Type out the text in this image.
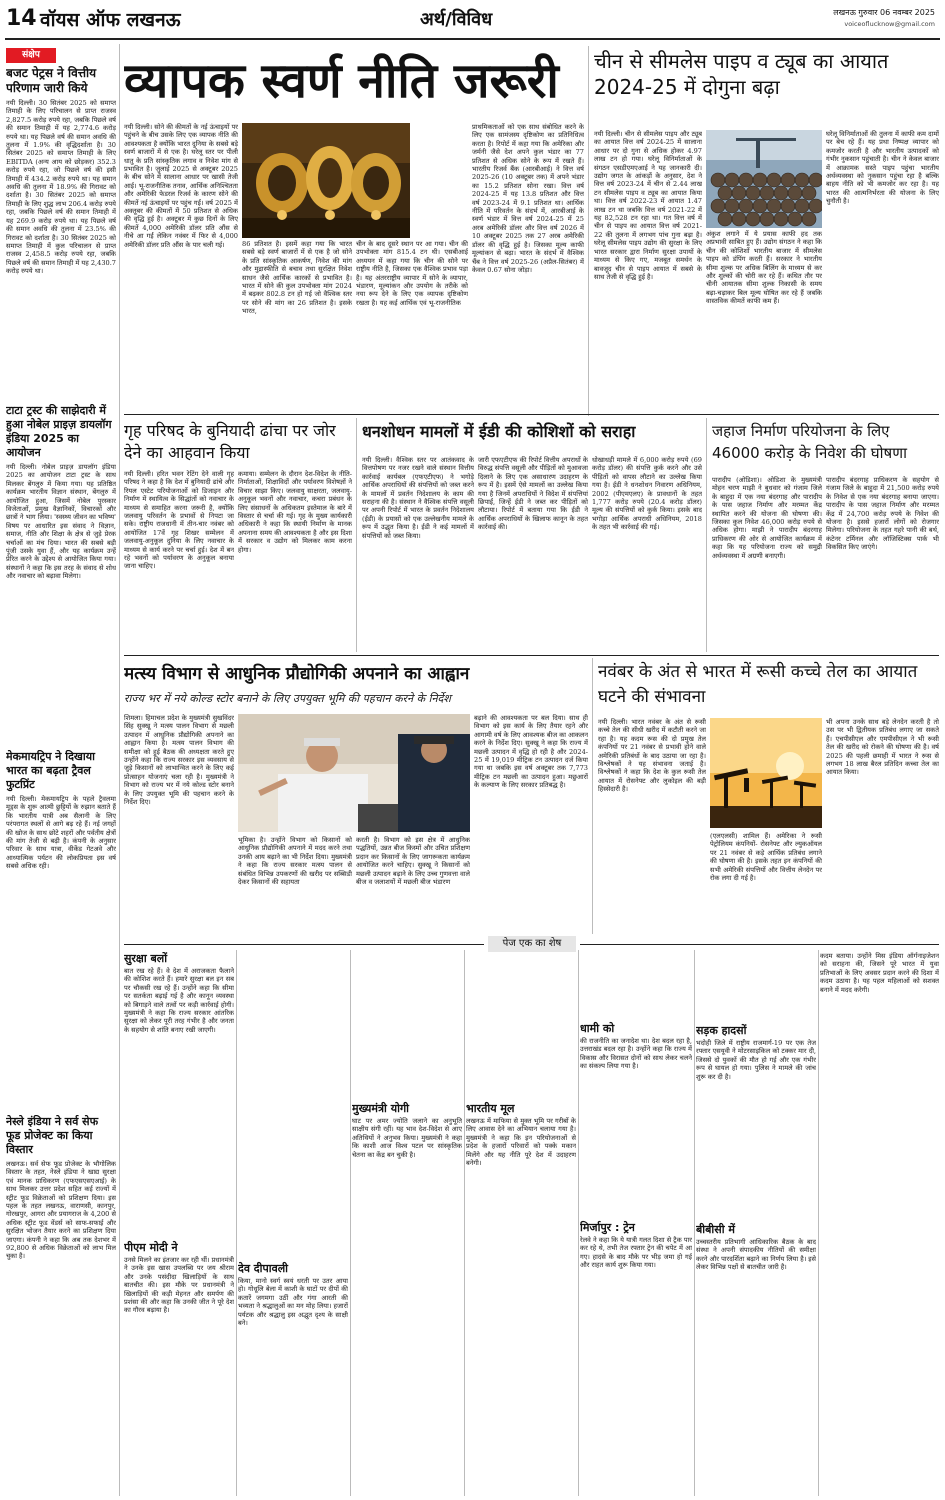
14 वॉयस ऑफ लखनऊ	अर्थ/विविध	लखनऊ गुरुवार 06 नवम्बर 2025
voiceoflucknow@gmail.com
संक्षेप
बजट पेट्रस ने वित्तीय परिणाम जारी किये
नयी दिल्ली। 30 सितंबर 2025 को समाप्त तिमाही के लिए परिचालन से प्राप्त राजस्व 2,827.5 करोड़ रुपये रहा, जबकि पिछले वर्ष की समान तिमाही में यह 2,774.6 करोड़ रुपये था। यह पिछले वर्ष की समान अवधि की तुलना में 1.9% की वृद्धिदर्शाता है। 30 सितंबर 2025 को समाप्त तिमाही के लिए EBITDA (अन्य आय को छोड़कर) 352.3 करोड़ रुपये रहा, जो पिछले वर्ष की इसी तिमाही में 434.2 करोड़ रुपये था। यह समान अवधि की तुलना में 18.9% की गिरावट को दर्शाता है। 30 सितंबर 2025 को समाप्त तिमाही के लिए शुद्ध लाभ 206.4 करोड़ रुपये रहा, जबकि पिछले वर्ष की समान तिमाही में यह 269.9 करोड़ रुपये था। यह पिछले वर्ष की समान अवधि की तुलना में 23.5% की गिरावट को दर्शाता है। 30 सितंबर 2025 को समाप्त तिमाही में कुल परिचालन से प्राप्त राजस्व 2,458.5 करोड़ रुपये रहा, जबकि पिछले वर्ष की समान तिमाही में यह 2,430.7 करोड़ रुपये था।
टाटा ट्रस्ट की साझेदारी में हुआ नोबेल प्राइज़ डायलॉग इंडिया 2025 का आयोजन
नयी दिल्ली। नोबेल प्राइज़ डायलॉग इंडिया 2025 का आयोजन टाटा ट्रस्ट के साथ मिलकर बेंगलुरु में किया गया। यह प्रतिष्ठित कार्यक्रम भारतीय विज्ञान संस्थान, बेंगलुरु में आयोजित हुआ, जिसमें नोबेल पुरस्कार विजेताओं, प्रमुख वैज्ञानिकों, विचारकों और छात्रों ने भाग लिया। 'स्वस्थ्य जीवन का भविष्य' विषय पर आधारित इस संवाद ने विज्ञान, समाज, नीति और शिक्षा के क्षेत्र से जुड़े प्रेरक चर्चाओं का मंच दिया। भारत की सबसे बड़ी पूंजी उसके युवा हैं, और यह कार्यक्रम उन्हें प्रेरित करने के उद्देश्य से आयोजित किया गया। संस्थानों ने कहा कि इस तरह के संवाद से शोध और नवाचार को बढ़ावा मिलेगा।
मेकमायट्रिप ने दिखाया भारत का बढ़ता ट्रैवल फुटप्रिंट
नयी दिल्ली। मेकमायट्रिप के पहले ट्रैवलमा मूड्स के शुरू आत्मी छुट्टियों के रुझान बताते हैं कि भारतीय यात्री अब सैलानी के लिए परंपरागत स्थलों से आगे बढ़ रहे हैं। नई जगहों की खोज के साथ छोटे शहरों और पर्वतीय क्षेत्रों की मांग तेजी से बढ़ी है। कंपनी के अनुसार परिवार के साथ यात्रा, वीकेंड गेटअवे और आध्यात्मिक पर्यटन की लोकप्रियता इस वर्ष सबसे अधिक रही।
नेस्ले इंडिया ने सर्व सेफ फूड प्रोजेक्ट का किया विस्तार
लखनऊ। सर्व सेफ फूड प्रोजेक्ट के भौगोलिक विस्तार के तहत, नेस्ले इंडिया ने खाद्य सुरक्षा एवं मानक प्राधिकरण (एफएसएसएआई) के साथ मिलकर उत्तर प्रदेश सहित कई राज्यों में स्ट्रीट फूड विक्रेताओं को प्रशिक्षण दिया। इस पहल के तहत लखनऊ, वाराणसी, कानपुर, गोरखपुर, आगरा और प्रयागराज के 4,200 से अधिक स्ट्रीट फूड वेंडर्स को साफ-सफाई और सुरक्षित भोजन तैयार करने का प्रशिक्षण दिया जाएगा। कंपनी ने कहा कि अब तक देशभर में 92,800 से अधिक विक्रेताओं को लाभ मिल चुका है।
व्यापक स्वर्ण नीति जरूरी
नयी दिल्ली। सोने की कीमतों के नई ऊंचाइयों पर पहुंचने के बीच उसके लिए एक व्यापक नीति की आवश्यकता है क्योंकि भारत दुनिया के सबसे बड़े स्वर्ण बाजारों में से एक है। घरेलू स्तर पर पीली धातु के प्रति सांस्कृतिक लगाव व निवेश मांग से प्रभावित है। जुलाई 2025 से अक्टूबर 2025 के बीच सोने में सालाना आधार पर खासी तेजी आई। भू-राजनीतिक तनाव, आर्थिक अनिश्चितता और अमेरिकी फेडरल रिजर्व के कारण सोने की कीमतें नई ऊंचाइयों पर पहुंच गईं। वर्ष 2025 में अक्तूबर की कीमतों में 50 प्रतिशत से अधिक की वृद्धि हुई है। अक्टूबर में कुछ दिनों के लिए कीमतें 4,000 अमेरिकी डॉलर प्रति औंस से नीचे आ गईं लेकिन नवंबर में फिर से 4,000 अमेरिकी डॉलर प्रति औंस के पार चली गई।	86 प्रतिशत है। इसमें कहा गया कि भारत सबसे बड़े स्वर्ण बाजारों में से एक है जो सोने के प्रति सांस्कृतिक आकर्षण, निवेश की मांग और मुद्रास्फीति से बचाव तथा सुरक्षित निवेश साधन जैसे आर्थिक कारकों से प्रभावित है। भारत में सोने की कुल उपभोक्ता मांग 2024 में बढ़कर 802.8 टन हो गई जो वैश्विक स्तर पर सोने की मांग का 26 प्रतिशत है। इसके भारत,
चीन के बाद दूसरे स्थान पर आ गया। चीन की उपभोक्ता मांग 815.4 टन थी। एसबीआई अध्ययन में कहा गया कि चीन की सोने पर राष्ट्रीय नीति है, जिसका एक वैश्विक प्रभाव पड़ा है। यह अंतरराष्ट्रीय व्यापार में सोने के व्यापार, भंडारण, मूल्यांकन और उपयोग के तरीके को नया रूप देने के लिए एक व्यापक दृष्टिकोण रखता है। यह कई आर्थिक एवं भू-राजनीतिक
प्राथमिकताओं को एक साथ संबोधित करने के लिए एक सामंजस्य दृष्टिकोण का प्रतिनिधित्व करता है। रिपोर्ट में कहा गया कि अमेरिका और जर्मनी जैसे देश अपने कुल भंडार का 77 प्रतिशत से अधिक सोने के रूप में रखते हैं। भारतीय रिजर्व बैंक (आरबीआई) ने वित्त वर्ष 2025-26 (10 अक्टूबर तक) में अपने भंडार का 15.2 प्रतिशत सोना रखा। वित्त वर्ष 2024-25 में यह 13.8 प्रतिशत और वित्त वर्ष 2023-24 में 9.1 प्रतिशत था। आर्थिक नीति में परिवर्तन के संदर्भ में, आरबीआई के स्वर्ण भंडार में वित्त वर्ष 2024-25 में 25 अरब अमेरिकी डॉलर और वित्त वर्ष 2026 में 10 अक्टूबर 2025 तक 27 अरब अमेरिकी डॉलर की वृद्धि हुई है। जिसका मूल्य काफी मूल्यांकन से बढ़ा। भारत के संदर्भ में वैश्विक चैंब ने वित्त वर्ष 2025-26 (अप्रैल-सितंबर) में केवल 0.67 सोना जोड़ा।
चीन से सीमलेस पाइप व ट्यूब का आयात 2024-25 में दोगुना बढ़ा
नयी दिल्ली। चीन से सीमलेस पाइप और ट्यूब का आयात वित्त वर्ष 2024-25 में सालाना आधार पर दो गुना से अधिक होकर 4.97 लाख टन हो गया। घरेलू विनिर्माताओं के संगठन एसडीएमएआई ने यह जानकारी दी। उद्योग जगत के आंकड़ों के अनुसार, देश ने वित्त वर्ष 2023-24 में चीन से 2.44 लाख टन सीमलेस पाइप व ट्यूब का आयात किया था। वित्त वर्ष 2022-23 में आयात 1.47 लाख टन था जबकि वित्त वर्ष 2021-22 में यह 82,528 टन रहा था। गत वित्त वर्ष में चीन से पाइप का आयात वित्त वर्ष 2021-22 की तुलना में लगभग पांच गुना बढ़ा है। घरेलू सीमलेस पाइप उद्योग की सुरक्षा के लिए भारत सरकार द्वारा निर्माण सुरक्षा उपायों के माध्यम से किए गए, मजबूत समर्थन के बावजूद चीन से पाइप आयात में सबसे के साथ तेजी से वृद्धि हुई है।
अंकुश लगाने में ये प्रयास काफी हद तक अप्रभावी साबित हुए हैं। उद्योग संगठन ने कहा कि चीन की कोशिशों भारतीय बाजार में सीमलेस पाइप को डंपिंग करती हैं। सरकार ने भारतीय सीमा शुल्क पर अधिक बिलिंग के माध्यम से कर और शुल्कों की चोरी कर रहे हैं। कथित तौर पर चीनी आयातक सीमा शुल्क निकासी के समय बढ़ा-चढ़ाकर बिल मूल्य घोषित कर रहे हैं जबकि वास्तविक कीमतें काफी कम हैं।
घरेलू विनिर्माताओं की तुलना में काफी कम दामों पर बेच रहे हैं। यह प्रथा निष्पक्ष व्यापार को कमजोर करती है और भारतीय उत्पादकों को गंभीर नुकसान पहुंचाती है। चीन ने केवल बाजार में आक्रामक सस्ते पाइप पहुंचा भारतीय अर्थव्यवस्था को नुकसान पहुंचा रहा है बल्कि बाहय नीति को भी कमजोर कर रहा है। यह भारत की आत्मनिर्भरता की योजना के लिए चुनौती है।
गृह परिषद के बुनियादी ढांचा पर जोर देने का आहवान किया
नयी दिल्ली। हरित भवन रेटिंग देने वाली गृह परिषद ने कहा है कि देश में बुनियादी ढांचे और रियल एस्टेट परियोजनाओं को डिजाइन और निर्माण में स्थायित्व के सिद्धांतों को नवाचार के माध्यम से समाहित करना जरूरी है, क्योंकि जलवायु परिवर्तन के प्रभावों से निपटा जा सके। राष्ट्रीय राजधानी में तीन-चार नवंबर को आयोजित 17वें गृह शिखर सम्मेलन में जलवायु-अनुकूल दुनिया के लिए नवाचार के माध्यम से कार्य करने पर चर्चा हुई। देश में बन रहे भवनों को पर्यावरण के अनुकूल बनाया जाना चाहिए।
कमाया। सम्मेलन के दौरान देश-विदेश के नीति-निर्माताओं, शिक्षाविदों और पर्यावरण विशेषज्ञों ने विचार साझा किए। जलवायु साक्षरता, जलवायु-अनुकूल भवनों और नवाचार, कचरा प्रबंधन के लिए संसाधनों के अधिकतम इस्तेमाल के बारे में विस्तार से चर्चा की गई। गृह के मुख्य कार्यकारी अधिकारी ने कहा कि स्थायी निर्माण के मानक अपनाना समय की आवश्यकता है और इस दिशा में सरकार व उद्योग को मिलकर काम करना होगा।
धनशोधन मामलों में ईडी की कोशिशों को सराहा
नयी दिल्ली। वैश्विक स्तर पर आतंकवाद के वित्तपोषण पर नजर रखने वाले संस्थान वित्तीय कार्रवाई कार्यबल (एफएटीएफ) ने भगोड़े आर्थिक अपराधियों की संपत्तियों को जब्त करने के मामलों में प्रवर्तन निदेशालय के काम की सराहना की है। संस्थान ने वैश्विक संपत्ति वसूली पर अपनी रिपोर्ट में भारत के प्रवर्तन निदेशालय (ईडी) के प्रयासों को एक उल्लेखनीय मामले के रूप में उद्धृत किया है। ईडी ने कई मामलों में संपत्तियों को जब्त किया।
जारी एफएटीएफ की रिपोर्ट वित्तीय अपराधों के विरुद्ध संपत्ति वसूली और पीड़ितों को मुआवजा दिलाने के लिए एक असाधारण उदाहरण के रूप में है। इसमें ऐसे मामलों का उल्लेख किया गया है जिनमें अपराधियों ने विदेश में संपत्तियां छिपाईं, जिन्हें ईडी ने जब्त कर पीड़ितों को लौटाया। रिपोर्ट में बताया गया कि ईडी ने आर्थिक अपराधियों के खिलाफ कानून के तहत कार्रवाई की।
धोखाधड़ी मामले में 6,000 करोड़ रुपये (69 करोड़ डॉलर) की संपत्ति कुर्क करने और उसे पीड़ितों को वापस लौटाने का उल्लेख किया गया है। ईडी ने धनशोधन निवारण अधिनियम, 2002 (पीएमएलए) के प्रावधानों के तहत 1,777 करोड़ रुपये (20.4 करोड़ डॉलर) मूल्य की संपत्तियों को कुर्क किया। इसके बाद भगोड़ा आर्थिक अपराधी अधिनियम, 2018 के तहत भी कार्रवाई की गई।
जहाज निर्माण परियोजना के लिए 46000 करोड़ के निवेश की घोषणा
पारादीप (ओडिशा)। ओडिशा के मुख्यमंत्री मोहन चरण माझी ने बुधवार को गंजाम जिले के बाहुदा में एक नया बंदरगाह और पारादीप के पास जहाज निर्माण और मरम्मत केंद्र स्थापित करने की योजना की घोषणा की। जिसका कुल निवेश 46,000 करोड़ रुपये से अधिक होगा। माझी ने पारादीप बंदरगाह प्राधिकरण की ओर से आयोजित कार्यक्रम में कहा कि यह परियोजना राज्य को समुद्री अर्थव्यवस्था में अग्रणी बनाएगी।
पारादीप बंदरगाह प्राधिकरण के सहयोग से गंजाम जिले के बाहुदा में 21,500 करोड़ रुपये के निवेश से एक नया बंदरगाह बनाया जाएगा। पारादीप के पास जहाज निर्माण और मरम्मत केंद्र में 24,700 करोड़ रुपये के निवेश की योजना है। इससे हजारों लोगों को रोजगार मिलेगा। परियोजना के तहत गहरे पानी की बर्थ, कंटेनर टर्मिनल और लॉजिस्टिक्स पार्क भी विकसित किए जाएंगे।
मत्स्य विभाग से आधुनिक प्रौद्योगिकी अपनाने का आह्वान
राज्य भर में नये कोल्ड स्टोर बनाने के लिए उपयुक्त भूमि की पहचान करने के निर्देश
शिमला। हिमाचल प्रदेश के मुख्यमंत्री सुखविंदर सिंह सुक्खू ने मत्स्य पालन विभाग से मछली उत्पादन में आधुनिक प्रौद्योगिकी अपनाने का आह्वान किया है। मत्स्य पालन विभाग की समीक्षा को हुई बैठक की अध्यक्षता करते हुए उन्होंने कहा कि राज्य सरकार इस व्यवसाय से जुड़े किसानों को लाभान्वित करने के लिए कई प्रोत्साहन योजनाएं चला रही है। मुख्यमंत्री ने विभाग को राज्य भर में नये कोल्ड स्टोर बनाने के लिए उपयुक्त भूमि की पहचान करने के निर्देश दिए।
भूमिका है। उन्होंने विभाग को किसानों को आधुनिक प्रौद्योगिकी अपनाने में मदद करने तथा उनकी आय बढ़ाने का भी निर्देश दिया। मुख्यमंत्री ने कहा कि राज्य सरकार मत्स्य पालन से संबंधित विभिन्न उपकरणों की खरीद पर सब्सिडी देकर किसानों की सहायता
करती है। विभाग को इस क्षेत्र में आधुनिक पद्धतियों, उन्नत बीज किस्मों और उचित प्रशिक्षण प्रदान कर किसानों के लिए जागरूकता कार्यक्रम आयोजित करने चाहिए। सुक्खू ने किसानों को मछली उत्पादन बढ़ाने के लिए उच्च गुणवत्ता वाले बीज व जलाशयों में मछली बीज भंडारण
बढ़ाने की आवश्यकता पर बल दिया। साथ ही विभाग को इस कार्य के लिए तैयार रहने और आगामी वर्ष के लिए आवश्यक बीज का आकलन करने के निर्देश दिए। सुक्खू ने कहा कि राज्य में मछली उत्पादन में वृद्धि हो रही है और 2024-25 में 19,019 मीट्रिक टन उत्पादन दर्ज किया गया था जबकि इस वर्ष अक्टूबर तक 7,773 मीट्रिक टन मछली का उत्पादन हुआ। मछुआरों के कल्याण के लिए सरकार प्रतिबद्ध है।
नवंबर के अंत से भारत में रूसी कच्चे तेल का आयात घटने की संभावना
नयी दिल्ली। भारत नवंबर के अंत से रूसी कच्चे तेल की सीधी खरीद में कटौती करने जा रहा है। यह कदम रूस की दो प्रमुख तेल कंपनियों पर 21 नवंबर से प्रभावी होने वाले अमेरिकी प्रतिबंधों के बाद उठाया जा रहा है। विश्लेषकों ने यह संभावना जताई है। विश्लेषकों ने कहा कि देश के कुल रूसी तेल आयात में रोसनेफ्ट और लुकोइल की बड़ी हिस्सेदारी है।
(एलएलसी) शामिल हैं। अमेरिका ने रूसी पेट्रोलियम कंपनियों- रोसनेफ्ट और ल्युकऑयल पर 21 नवंबर से कड़े आर्थिक प्रतिबंध लगाने की घोषणा की है। इसके तहत इन कंपनियों की सभी अमेरिकी संपत्तियों और वित्तीय लेनदेन पर रोक लगा दी गई है।
भी अपना उनके साथ बड़े लेनदेन करती है तो उस पर भी द्वितीयक प्रतिबंध लगाए जा सकते हैं। एचपीसीएल और एमपीसीएल ने भी रूसी तेल की खरीद को रोकने की घोषणा की है। वर्ष 2025 की पहली छमाही में भारत ने रूस से लगभग 18 लाख बैरल प्रतिदिन कच्चा तेल का आयात किया।
पेज एक का शेष
सुरक्षा बलों
बात रख रहे हैं। वे देश में अराजकता फैलाने की कोशिश करते हैं। हमारे सुरक्षा बल इन सब पर चौकसी रख रहे हैं। उन्होंने कहा कि सीमा पर सतर्कता बढ़ाई गई है और कानून व्यवस्था को बिगाड़ने वाले तत्वों पर कड़ी कार्रवाई होगी। मुख्यमंत्री ने कहा कि राज्य सरकार आंतरिक सुरक्षा को लेकर पूरी तरह गंभीर है और जनता के सहयोग से शांति बनाए रखी जाएगी।
पीएम मोदी ने
उनसे मिलने का इंतजार कर रही थीं। प्रधानमंत्री ने उनके इस खास उपलब्धि पर जय श्रीराम और उनके पसंदीदा खिलाड़ियों के साथ बातचीत की। इस मौके पर प्रधानमंत्री ने खिलाड़ियों की कड़ी मेहनत और समर्पण की प्रशंसा की और कहा कि उनकी जीत ने पूरे देश का गौरव बढ़ाया है।
देव दीपावली
किया, मानो स्वर्ग स्वयं धरती पर उतर आया हो। गोधूलि बेला में काशी के घाटों पर दीपों की कतारें जगमगा उठीं और गंगा आरती की भव्यता ने श्रद्धालुओं का मन मोह लिया। हजारों पर्यटक और श्रद्धालु इस अद्भुत दृश्य के साक्षी बने।
मुख्यमंत्री योगी
घाट पर अमर ज्योति जलाने का अनुभूति साक्षीय संगी रहीं। यह भाव देश-विदेश से आए अतिथियों ने अनुभव किया। मुख्यमंत्री ने कहा कि काशी आज विश्व पटल पर सांस्कृतिक चेतना का केंद्र बन चुकी है।
भारतीय मूल
लखनऊ में माफिया से मुक्त भूमि पर गरीबों के लिए आवास देने का अभियान चलाया गया है। मुख्यमंत्री ने कहा कि इन परियोजनाओं से प्रदेश के हजारों परिवारों को पक्के मकान मिलेंगे और यह नीति पूरे देश में उदाहरण बनेगी।
धामी को
की राजनीति का जनादेश था। देश बदल रहा है, उत्तराखंड बदल रहा है। उन्होंने कहा कि राज्य में विकास और विरासत दोनों को साथ लेकर चलने का संकल्प लिया गया है।
मिर्जापुर : ट्रेन
रेलवे ने कहा कि ये यात्री गलत दिशा से ट्रैक पार कर रहे थे, तभी तेज रफ्तार ट्रेन की चपेट में आ गए। हादसे के बाद मौके पर भीड़ जमा हो गई और राहत कार्य शुरू किया गया।
सड़क हादसों
भदोही जिले में राष्ट्रीय राजमार्ग-19 पर एक तेज रफ्तार एसयूवी ने मोटरसाइकिल को टक्कर मार दी, जिससे दो युवकों की मौत हो गई और एक गंभीर रूप से घायल हो गया। पुलिस ने मामले की जांच शुरू कर दी है।
बीबीसी में
उच्चस्तरीय प्रतिभागी आधिकारिक बैठक के बाद संस्था ने अपनी संपादकीय नीतियों की समीक्षा करने और पारदर्शिता बढ़ाने का निर्णय लिया है। इसे लेकर विभिन्न पक्षों से बातचीत जारी है।
कदम बताया। उन्होंने मिस इंडिया ऑर्गनाइजेशन को सराहना की, जिसने पूरे भारत में युवा प्रतिभाओं के लिए अवसर प्रदान करने की दिशा में कदम उठाया है। यह पहल महिलाओं को सशक्त बनाने में मदद करेगी।
